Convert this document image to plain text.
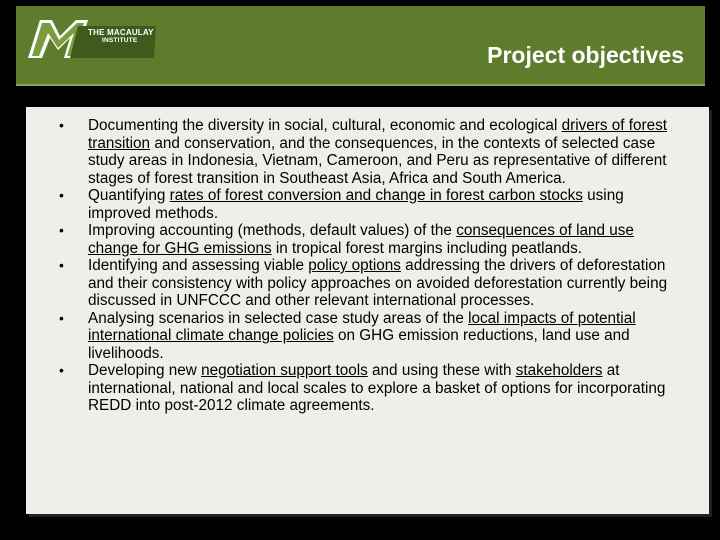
THE MACAULAY
INSTITUTE
Project objectives
• Documenting the diversity in social, cultural, economic and ecological drivers of forest transition and conservation, and the consequences, in the contexts of selected case study areas in Indonesia, Vietnam, Cameroon, and Peru as representative of different stages of forest transition in Southeast Asia, Africa and South America.
• Quantifying rates of forest conversion and change in forest carbon stocks using improved methods.
• Improving accounting (methods, default values) of the consequences of land use change for GHG emissions in tropical forest margins including peatlands.
• Identifying and assessing viable policy options addressing the drivers of deforestation and their consistency with policy approaches on avoided deforestation currently being discussed in UNFCCC and other relevant international processes.
• Analysing scenarios in selected case study areas of the local impacts of potential international climate change policies on GHG emission reductions, land use and livelihoods.
• Developing new negotiation support tools and using these with stakeholders at international, national and local scales to explore a basket of options for incorporating REDD into post-2012 climate agreements.
